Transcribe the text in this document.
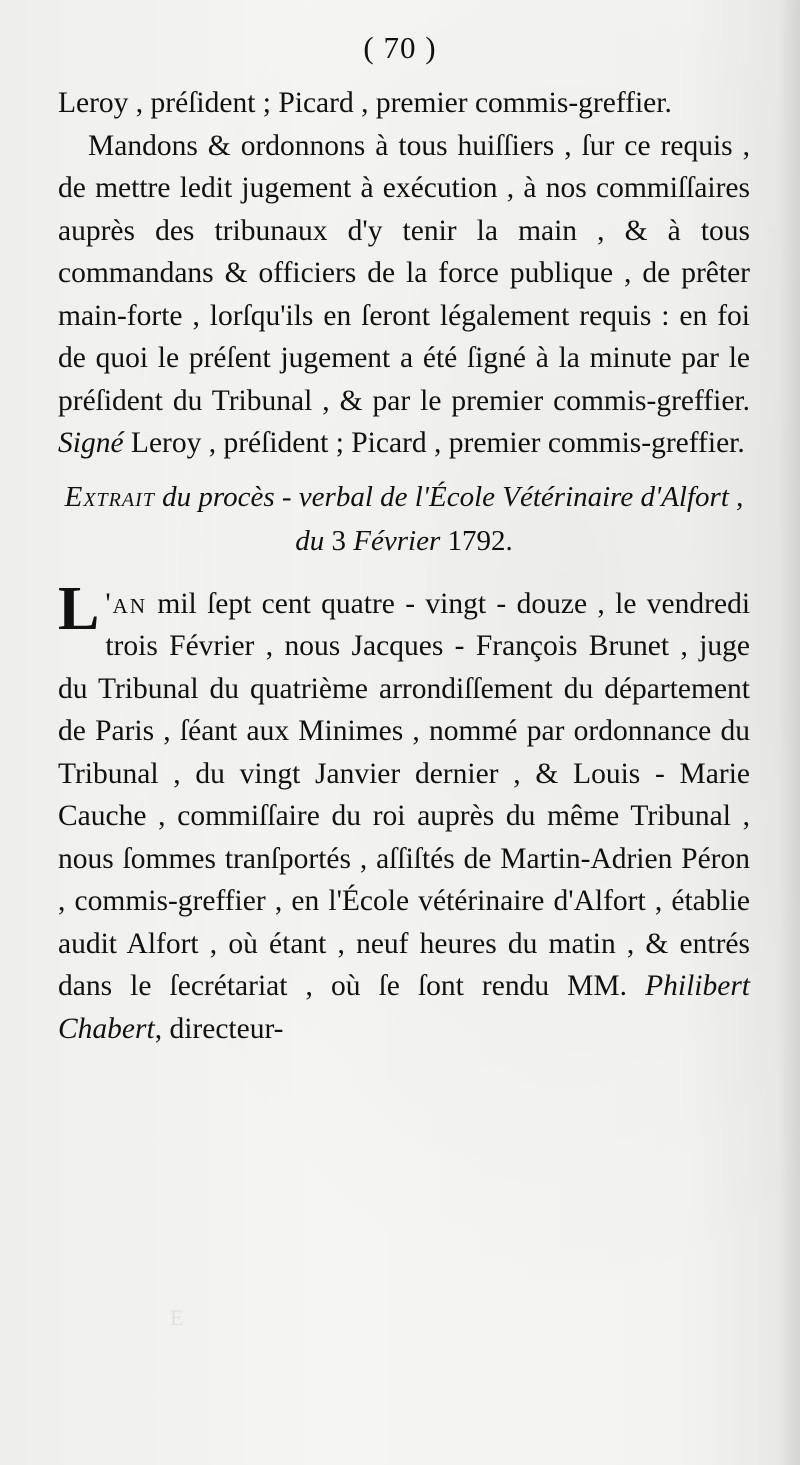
( 70 )

Leroy , préſident ; Picard , premier commis-greffier.

Mandons & ordonnons à tous huiſſiers , ſur ce requis , de mettre ledit jugement à exécution , à nos commiſſaires auprès des tribunaux d'y tenir la main , & à tous commandans & officiers de la force publique , de prêter main-forte , lorſqu'ils en ſeront légalement requis : en foi de quoi le préſent jugement a été ſigné à la minute par le préſident du Tribunal , & par le premier commis-greffier. Signé Leroy , préſident ; Picard , premier commis-greffier.

Extrait du procès - verbal de l'École Vétérinaire d'Alfort , du 3 Février 1792.

L 'an mil ſept cent quatre - vingt - douze , le vendredi trois Février , nous Jacques - François Brunet , juge du Tribunal du quatrième arrondiſſement du département de Paris , ſéant aux Minimes , nommé par ordonnance du Tribunal , du vingt Janvier dernier , & Louis - Marie Cauche , commiſſaire du roi auprès du même Tribunal , nous ſommes tranſportés , aſſiſtés de Martin-Adrien Péron , commis-greffier , en l'École vétérinaire d'Alfort , établie audit Alfort , où étant , neuf heures du matin , & entrés dans le ſecrétariat , où ſe ſont rendu MM. Philibert Chabert, directeur-

E
